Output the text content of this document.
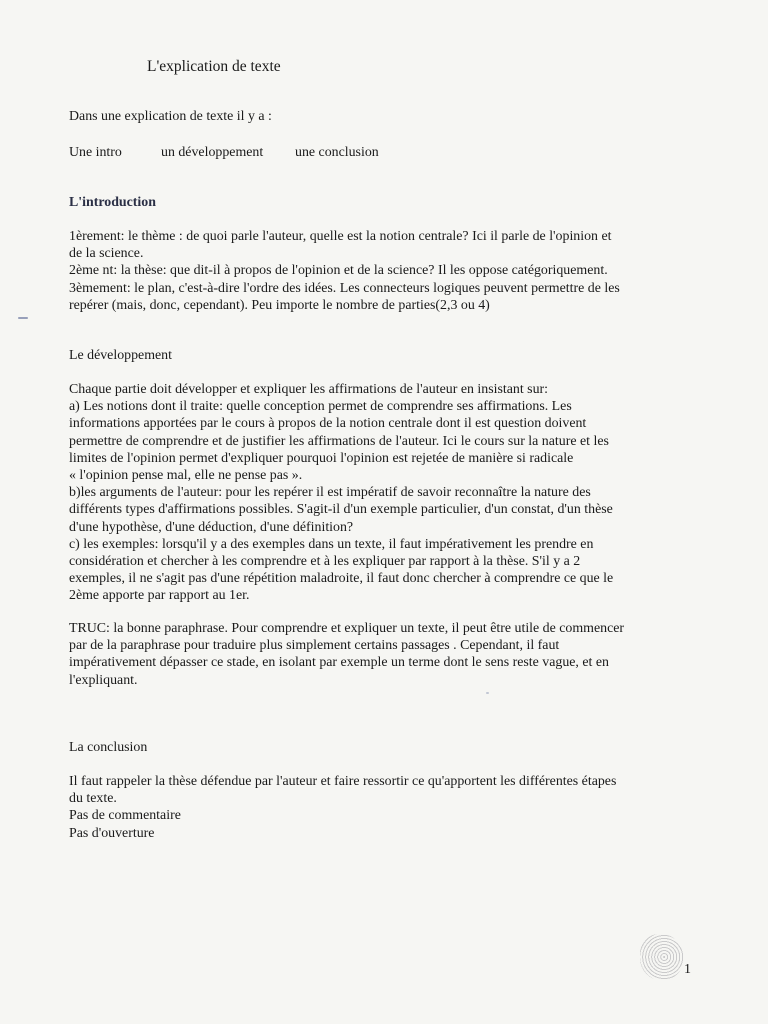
L'explication de texte
Dans une explication de texte il y a :
Une intro	un développement une conclusion
L'introduction
1èrement: le thème : de quoi parle l'auteur, quelle est la notion centrale? Ici il parle de l'opinion et
de la science.
2ème nt: la thèse: que dit-il à propos de l'opinion et de la science? Il les oppose catégoriquement.
3èmement: le plan, c'est-à-dire l'ordre des idées. Les connecteurs logiques peuvent permettre de les
repérer (mais, donc, cependant). Peu importe le nombre de parties(2,3 ou 4)
Le développement
Chaque partie doit développer et expliquer les affirmations de l'auteur en insistant sur:
a) Les notions dont il traite: quelle conception permet de comprendre ses affirmations. Les
informations apportées par le cours à propos de la notion centrale dont il est question doivent
permettre de comprendre et de justifier les affirmations de l'auteur. Ici le cours sur la nature et les
limites de l'opinion permet d'expliquer pourquoi l'opinion est rejetée de manière si radicale
« l'opinion pense mal, elle ne pense pas ».
b)les arguments de l'auteur: pour les repérer il est impératif de savoir reconnaître la nature des
différents types d'affirmations possibles. S'agit-il d'un exemple particulier, d'un constat, d'un thèse
d'une hypothèse, d'une déduction, d'une définition?
c) les exemples: lorsqu'il y a des exemples dans un texte, il faut impérativement les prendre en
considération et chercher à les comprendre et à les expliquer par rapport à la thèse. S'il y a 2
exemples, il ne s'agit pas d'une répétition maladroite, il faut donc chercher à comprendre ce que le
2ème apporte par rapport au 1er.
TRUC: la bonne paraphrase. Pour comprendre et expliquer un texte, il peut être utile de commencer
par de la paraphrase pour traduire plus simplement certains passages . Cependant, il faut
impérativement dépasser ce stade, en isolant par exemple un terme dont le sens reste vague, et en
l'expliquant.
La conclusion
Il faut rappeler la thèse défendue par l'auteur et faire ressortir ce qu'apportent les différentes étapes
du texte.
Pas de commentaire
Pas d'ouverture
1
